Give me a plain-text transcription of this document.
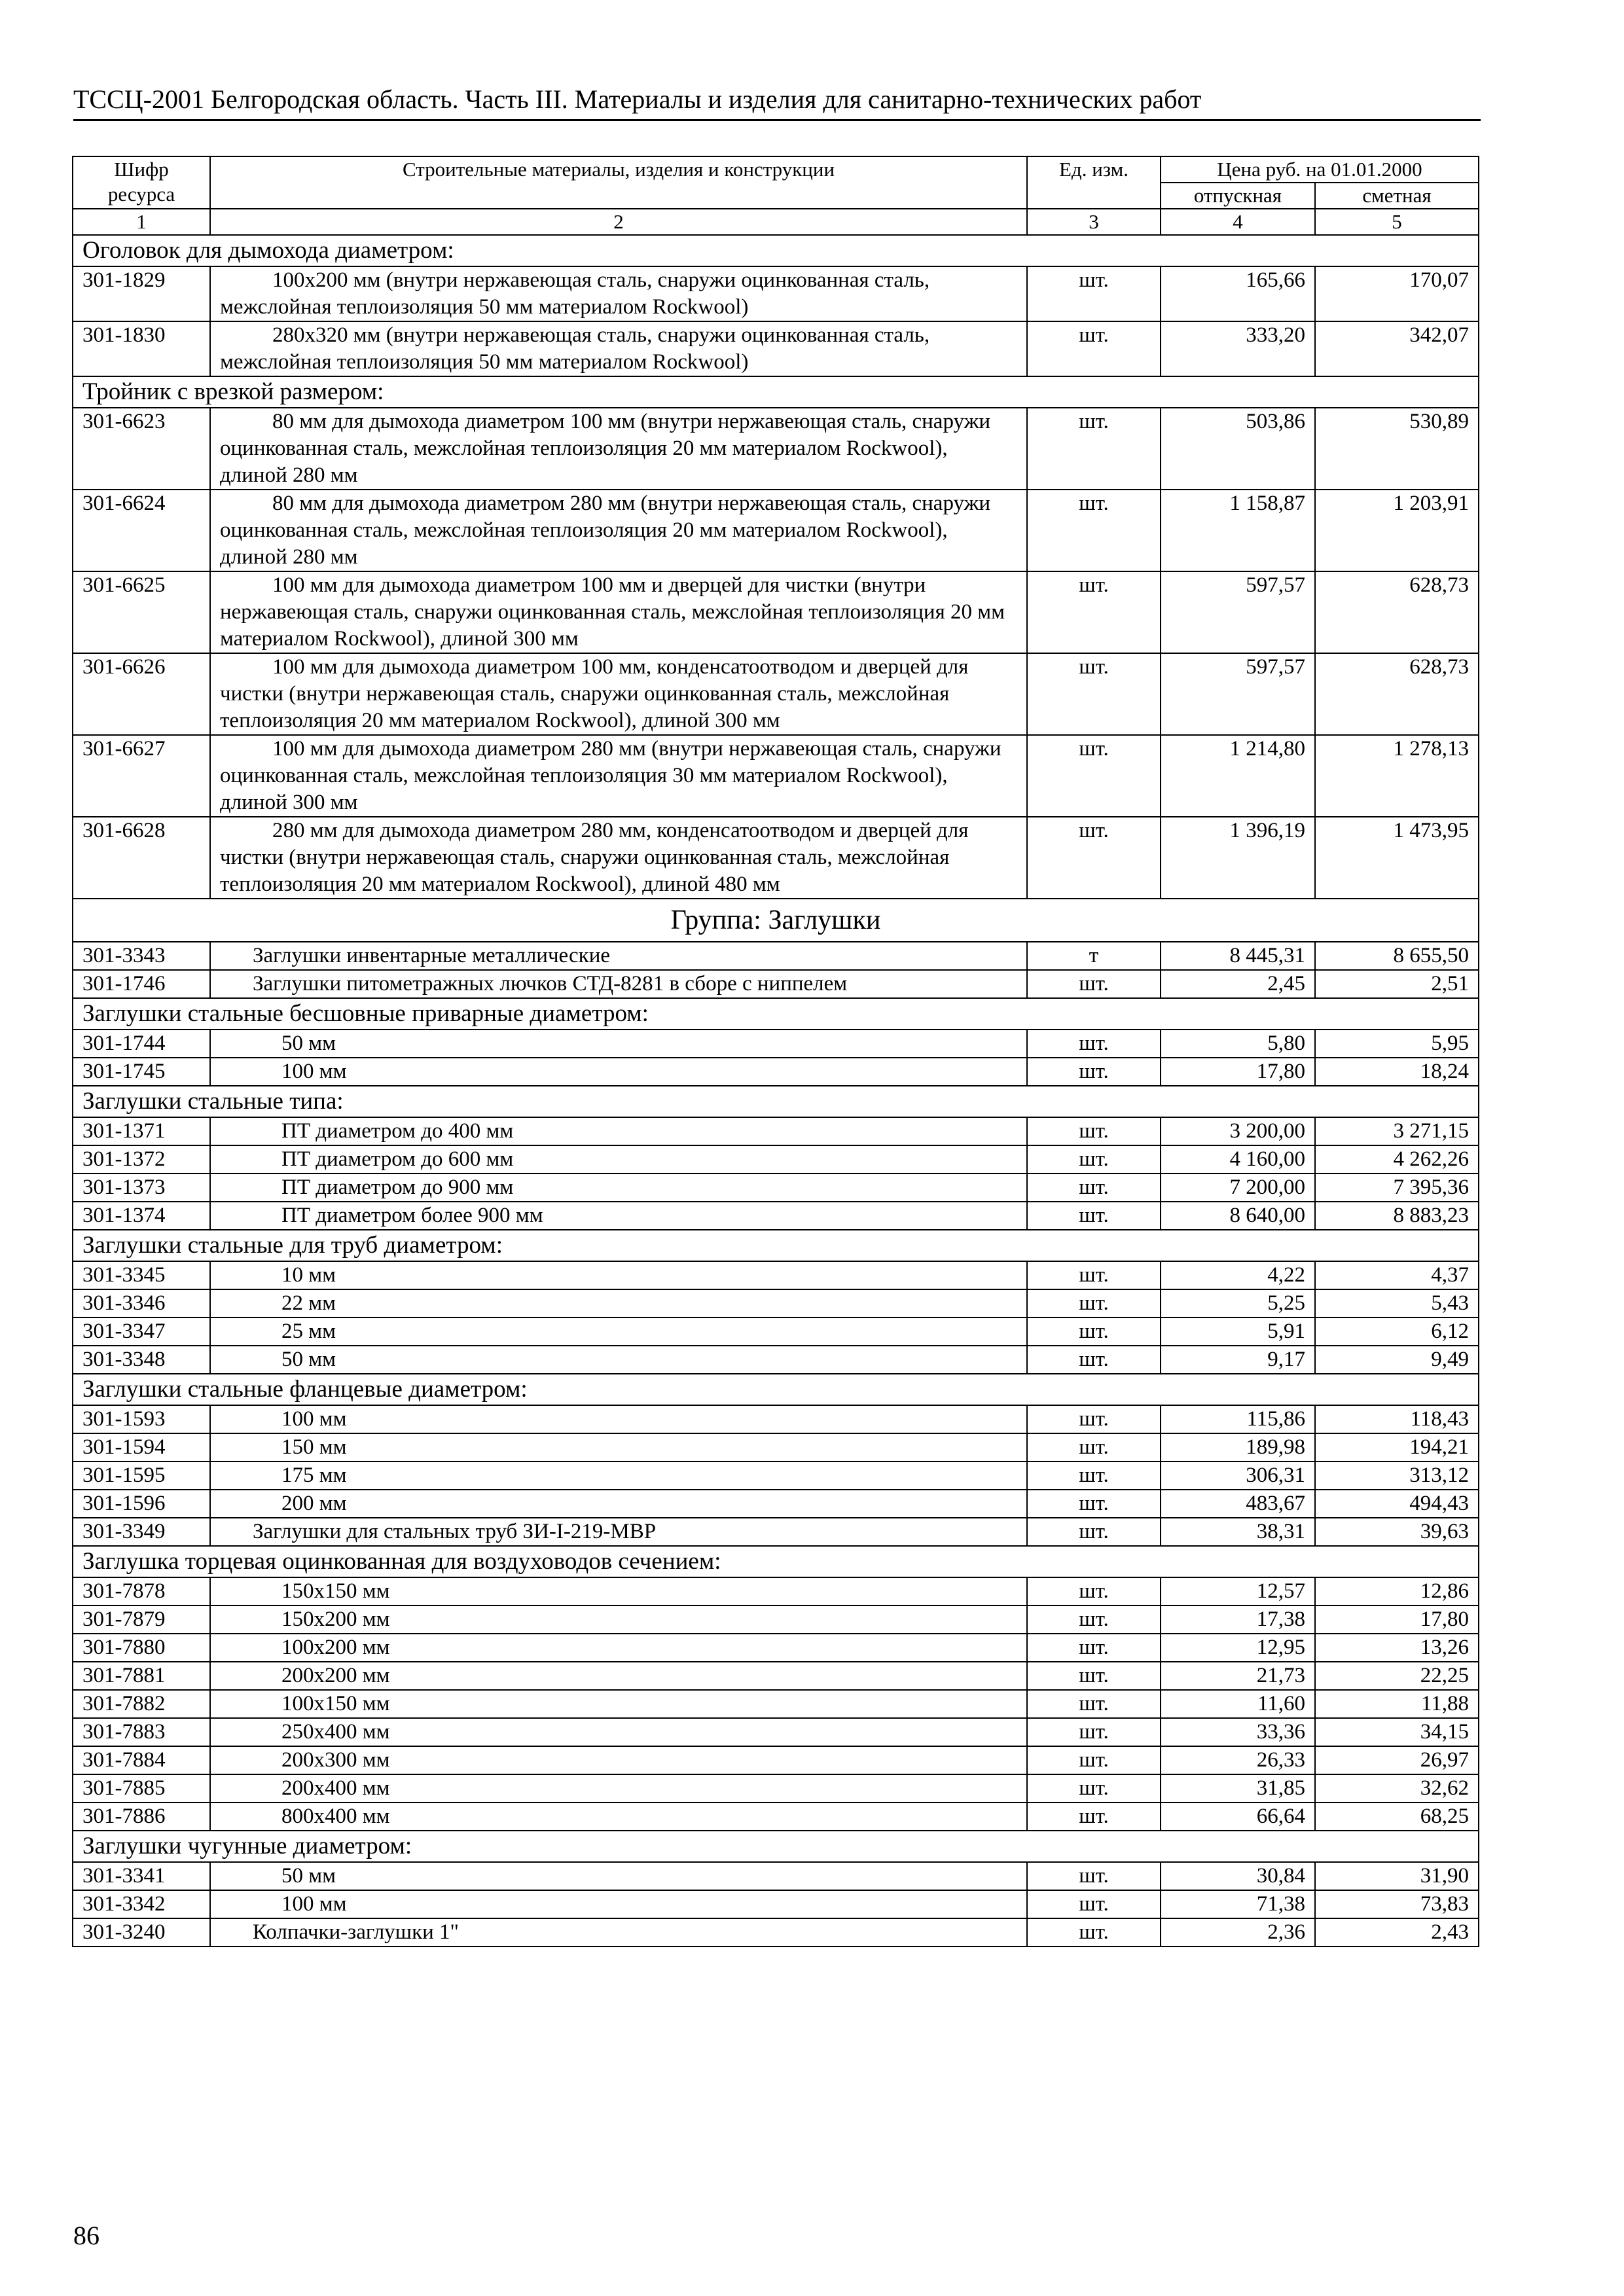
ТССЦ-2001 Белгородская область. Часть III. Материалы и изделия для санитарно-технических работ
Шифр ресурса	Строительные материалы, изделия и конструкции	Ед. изм.	Цена руб. на 01.01.2000	
			отпускная	сметная
1	2	3	4	5
Оголовок для дымохода диаметром:				
301-1829	100x200 мм (внутри нержавеющая сталь, снаружи оцинкованная сталь, межслойная теплоизоляция 50 мм материалом Rockwool)	шт.	165,66	170,07
301-1830	280x320 мм (внутри нержавеющая сталь, снаружи оцинкованная сталь, межслойная теплоизоляция 50 мм материалом Rockwool)	шт.	333,20	342,07
Тройник с врезкой размером:				
301-6623	80 мм для дымохода диаметром 100 мм (внутри нержавеющая сталь, снаружи оцинкованная сталь, межслойная теплоизоляция 20 мм материалом Rockwool), длиной 280 мм	шт.	503,86	530,89
301-6624	80 мм для дымохода диаметром 280 мм (внутри нержавеющая сталь, снаружи оцинкованная сталь, межслойная теплоизоляция 20 мм материалом Rockwool), длиной 280 мм	шт.	1 158,87	1 203,91
301-6625	100 мм для дымохода диаметром 100 мм и дверцей для чистки (внутри нержавеющая сталь, снаружи оцинкованная сталь, межслойная теплоизоляция 20 мм материалом Rockwool), длиной 300 мм	шт.	597,57	628,73
301-6626	100 мм для дымохода диаметром 100 мм, конденсатоотводом и дверцей для чистки (внутри нержавеющая сталь, снаружи оцинкованная сталь, межслойная теплоизоляция 20 мм материалом Rockwool), длиной 300 мм	шт.	597,57	628,73
301-6627	100 мм для дымохода диаметром 280 мм (внутри нержавеющая сталь, снаружи оцинкованная сталь, межслойная теплоизоляция 30 мм материалом Rockwool), длиной 300 мм	шт.	1 214,80	1 278,13
301-6628	280 мм для дымохода диаметром 280 мм, конденсатоотводом и дверцей для чистки (внутри нержавеющая сталь, снаружи оцинкованная сталь, межслойная теплоизоляция 20 мм материалом Rockwool), длиной 480 мм	шт.	1 396,19	1 473,95
Группа: Заглушки				
301-3343	Заглушки инвентарные металлические	т	8 445,31	8 655,50
301-1746	Заглушки питометражных лючков СТД-8281 в сборе с ниппелем	шт.	2,45	2,51
Заглушки стальные бесшовные приварные диаметром:				
301-1744	50 мм	шт.	5,80	5,95
301-1745	100 мм	шт.	17,80	18,24
Заглушки стальные типа:				
301-1371	ПТ диаметром до 400 мм	шт.	3 200,00	3 271,15
301-1372	ПТ диаметром до 600 мм	шт.	4 160,00	4 262,26
301-1373	ПТ диаметром до 900 мм	шт.	7 200,00	7 395,36
301-1374	ПТ диаметром более 900 мм	шт.	8 640,00	8 883,23
Заглушки стальные для труб диаметром:				
301-3345	10 мм	шт.	4,22	4,37
301-3346	22 мм	шт.	5,25	5,43
301-3347	25 мм	шт.	5,91	6,12
301-3348	50 мм	шт.	9,17	9,49
Заглушки стальные фланцевые диаметром:				
301-1593	100 мм	шт.	115,86	118,43
301-1594	150 мм	шт.	189,98	194,21
301-1595	175 мм	шт.	306,31	313,12
301-1596	200 мм	шт.	483,67	494,43
301-3349	Заглушки для стальных труб ЗИ-I-219-МВР	шт.	38,31	39,63
Заглушка торцевая оцинкованная для воздуховодов сечением:				
301-7878	150x150 мм	шт.	12,57	12,86
301-7879	150x200 мм	шт.	17,38	17,80
301-7880	100x200 мм	шт.	12,95	13,26
301-7881	200x200 мм	шт.	21,73	22,25
301-7882	100x150 мм	шт.	11,60	11,88
301-7883	250x400 мм	шт.	33,36	34,15
301-7884	200x300 мм	шт.	26,33	26,97
301-7885	200x400 мм	шт.	31,85	32,62
301-7886	800x400 мм	шт.	66,64	68,25
Заглушки чугунные диаметром:				
301-3341	50 мм	шт.	30,84	31,90
301-3342	100 мм	шт.	71,38	73,83
301-3240	Колпачки-заглушки 1"	шт.	2,36	2,43
86
